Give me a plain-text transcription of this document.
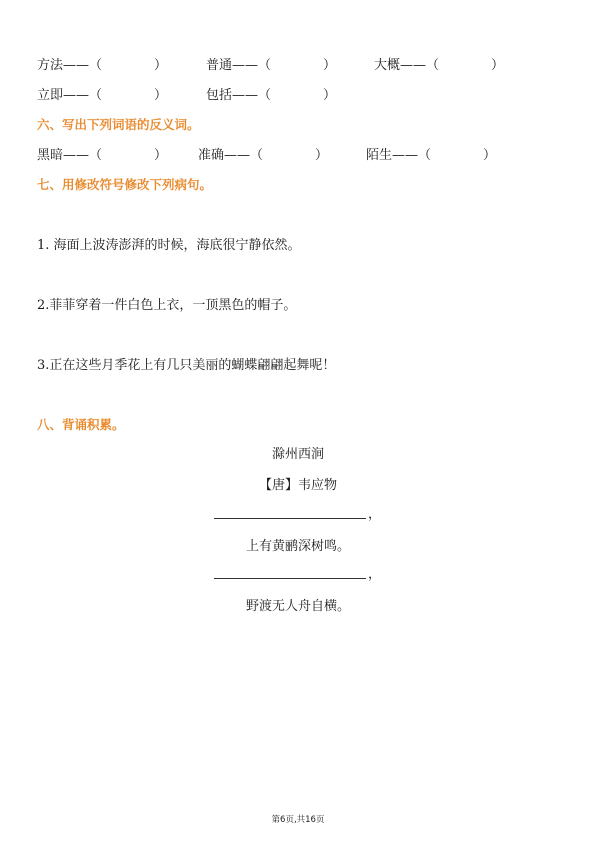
方法——（　　　　）	普通——（　　　　）	大概——（　　　　）
立即——（　　　　）	包括——（　　　　）
六、写出下列词语的反义词。
黑暗——（　　　　） 准确——（　　　　）	陌生——（　　　　）
七、用修改符号修改下列病句。
1. 海面上波涛澎湃的时候，海底很宁静依然。
2.菲菲穿着一件白色上衣，一顶黑色的帽子。
3.正在这些月季花上有几只美丽的蝴蝶翩翩起舞呢！
八、背诵积累。
滁州西涧
【唐】韦应物
，
上有黄鹂深树鸣。
，
野渡无人舟自横。
第6页,共16页
